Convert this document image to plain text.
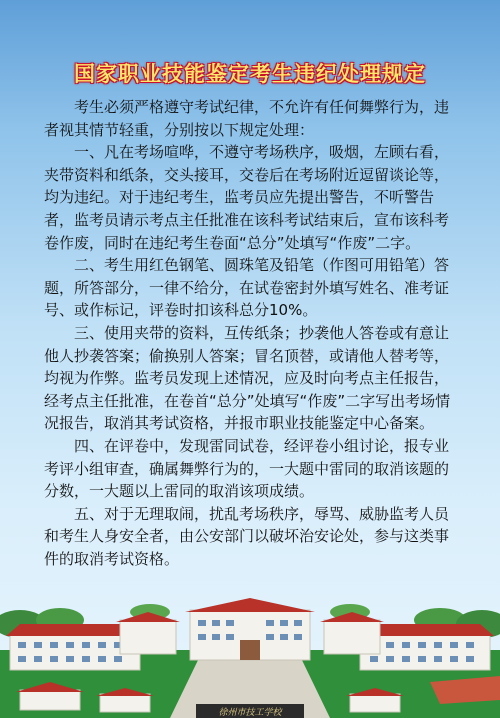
国家职业技能鉴定考生违纪处理规定

考生必须严格遵守考试纪律，不允许有任何舞弊行为，违者视其情节轻重，分别按以下规定处理：

一、凡在考场喧哗，不遵守考场秩序，吸烟，左顾右看，夹带资料和纸条，交头接耳，交卷后在考场附近逗留谈论等，均为违纪。对于违纪考生，监考员应先提出警告，不听警告者，监考员请示考点主任批准在该科考试结束后，宣布该科考卷作废，同时在违纪考生卷面“总分”处填写“作废”二字。

二、考生用红色钢笔、圆珠笔及铅笔（作图可用铅笔）答题，所答部分，一律不给分，在试卷密封外填写姓名、准考证号、或作标记，评卷时扣该科总分10%。

三、使用夹带的资料，互传纸条；抄袭他人答卷或有意让他人抄袭答案；偷换别人答案；冒名顶替，或请他人替考等，均视为作弊。监考员发现上述情况，应及时向考点主任报告，经考点主任批准，在卷首“总分”处填写“作废”二字写出考场情况报告，取消其考试资格，并报市职业技能鉴定中心备案。

四、在评卷中，发现雷同试卷，经评卷小组讨论，报专业考评小组审查，确属舞弊行为的，一大题中雷同的取消该题的分数，一大题以上雷同的取消该项成绩。

五、对于无理取闹，扰乱考场秩序，辱骂、威胁监考人员和考生人身安全者，由公安部门以破坏治安论处，参与这类事件的取消考试资格。

徐州市技工学校
